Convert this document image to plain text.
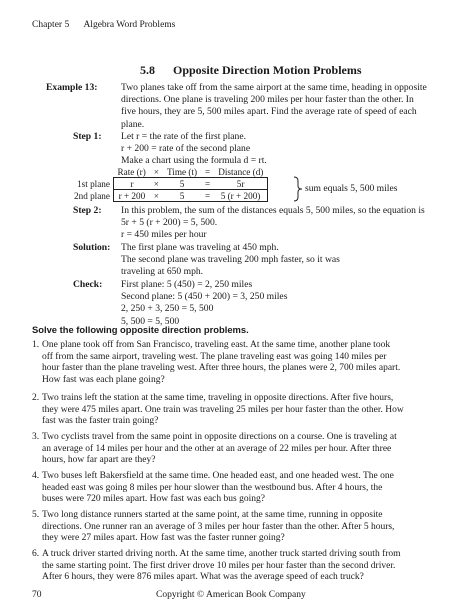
Chapter 5 Algebra Word Problems
5.8 Opposite Direction Motion Problems
Example 13: Two planes take off from the same airport at the same time, heading in opposite
directions. One plane is traveling 200 miles per hour faster than the other. In
five hours, they are 5, 500 miles apart. Find the average rate of speed of each
plane.
Step 1: Let r = the rate of the first plane.
r + 200 = rate of the second plane
Make a chart using the formula d = rt.
	Rate (r)	×	Time (t)	=	Distance (d)
1st plane	r	×	5	=	5r
2nd plane	r + 200	×	5	=	5 (r + 200)
sum equals 5, 500 miles
Step 2: In this problem, the sum of the distances equals 5, 500 miles, so the equation is
5r + 5 (r + 200) = 5, 500.
r = 450 miles per hour
Solution: The first plane was traveling at 450 mph.
The second plane was traveling 200 mph faster, so it was
traveling at 650 mph.
Check: First plane: 5 (450) = 2, 250 miles
Second plane: 5 (450 + 200) = 3, 250 miles
2, 250 + 3, 250 = 5, 500
5, 500 = 5, 500
Solve the following opposite direction problems.
1. One plane took off from San Francisco, traveling east. At the same time, another plane took
off from the same airport, traveling west. The plane traveling east was going 140 miles per
hour faster than the plane traveling west. After three hours, the planes were 2, 700 miles apart.
How fast was each plane going?
2. Two trains left the station at the same time, traveling in opposite directions. After five hours,
they were 475 miles apart. One train was traveling 25 miles per hour faster than the other. How
fast was the faster train going?
3. Two cyclists travel from the same point in opposite directions on a course. One is traveling at
an average of 14 miles per hour and the other at an average of 22 miles per hour. After three
hours, how far apart are they?
4. Two buses left Bakersfield at the same time. One headed east, and one headed west. The one
headed east was going 8 miles per hour slower than the westbound bus. After 4 hours, the
buses were 720 miles apart. How fast was each bus going?
5. Two long distance runners started at the same point, at the same time, running in opposite
directions. One runner ran an average of 3 miles per hour faster than the other. After 5 hours,
they were 27 miles apart. How fast was the faster runner going?
6. A truck driver started driving north. At the same time, another truck started driving south from
the same starting point. The first driver drove 10 miles per hour faster than the second driver.
After 6 hours, they were 876 miles apart. What was the average speed of each truck?
70	Copyright © American Book Company
